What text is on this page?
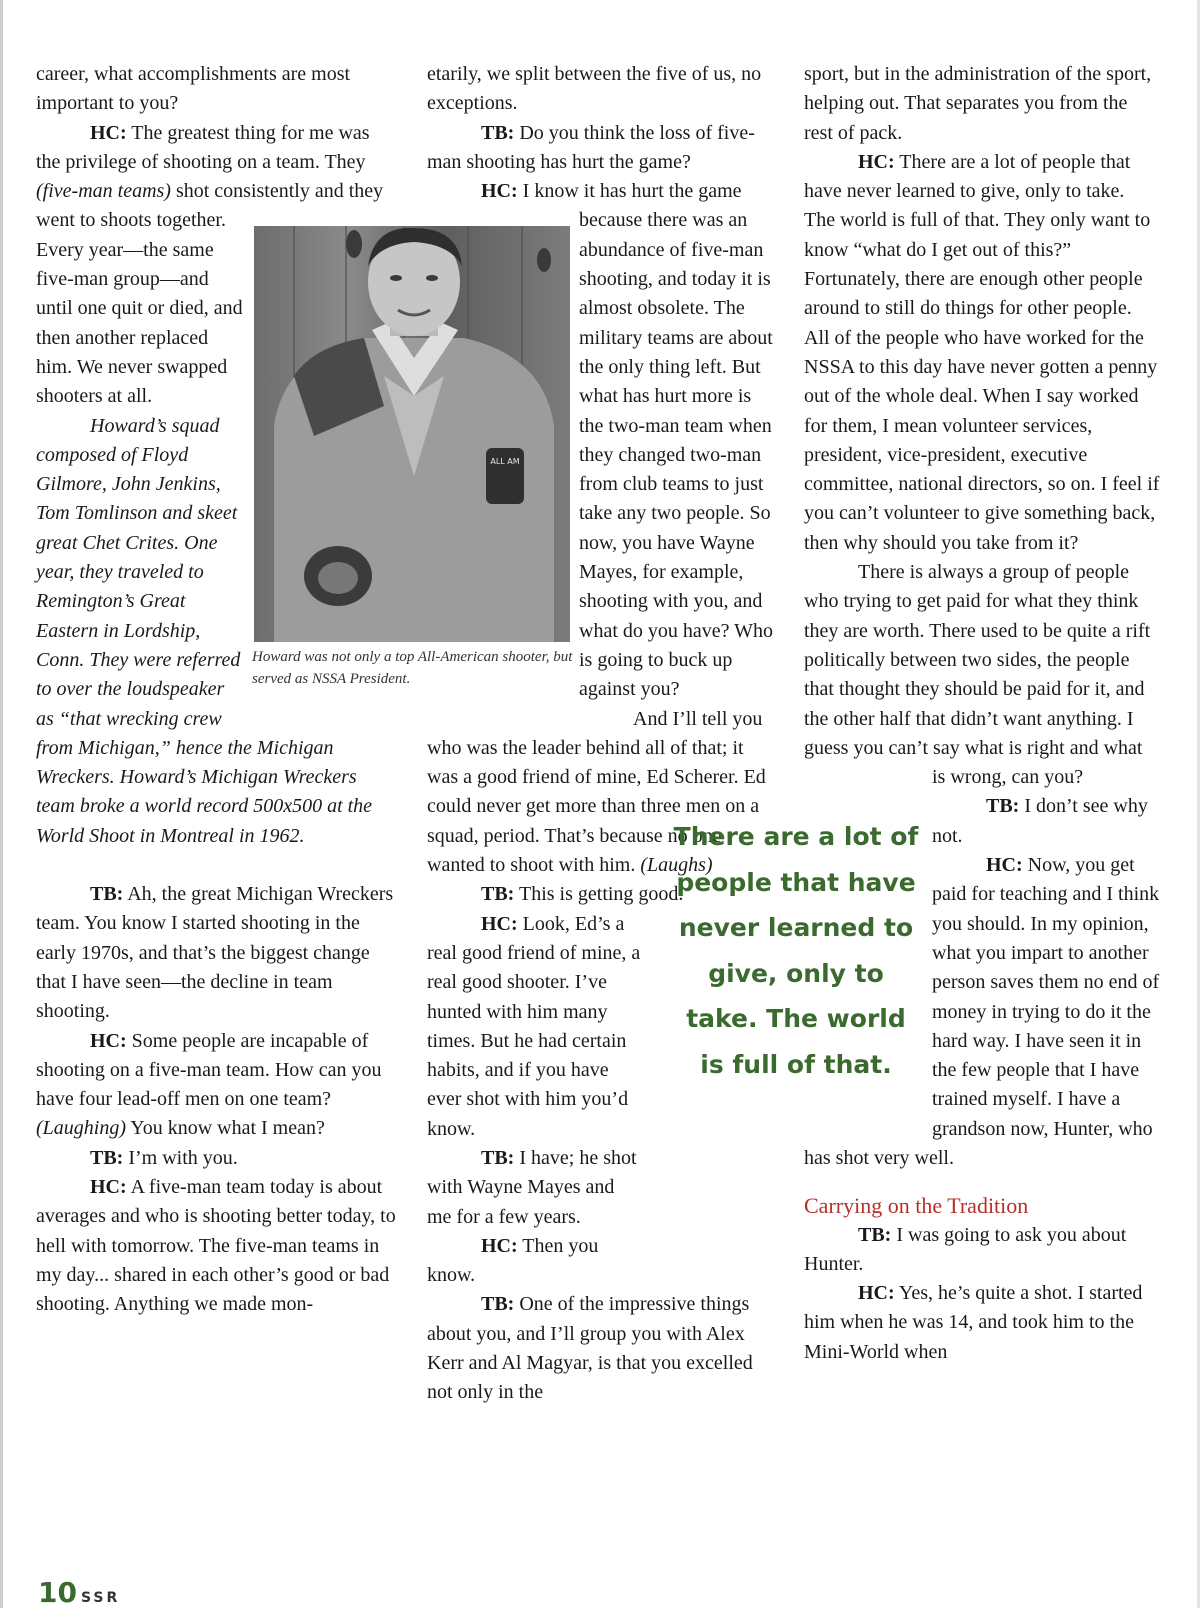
career, what accomplishments are most important to you?

HC: The greatest thing for me was the privilege of shooting on a team. They (five-man teams) shot consistently and they went to shoots together. Every year—the same five-man group—and until one quit or died, and then another replaced him. We never swapped shooters at all.

Howard’s squad composed of Floyd Gilmore, John Jenkins, Tom Tomlinson and skeet great Chet Crites. One year, they traveled to Remington’s Great Eastern in Lordship, Conn. They were referred to over the loudspeaker as “that wrecking crew from Michigan,” hence the Michigan Wreckers. Howard’s Michigan Wreckers team broke a world record 500x500 at the World Shoot in Montreal in 1962.

TB: Ah, the great Michigan Wreckers team. You know I started shooting in the early 1970s, and that’s the biggest change that I have seen—the decline in team shooting.

HC: Some people are incapable of shooting on a five-man team. How can you have four lead-off men on one team? (Laughing) You know what I mean?

TB: I’m with you.

HC: A five-man team today is about averages and who is shooting better today, to hell with tomorrow. The five-man teams in my day... shared in each other’s good or bad shooting. Anything we made mon-

ALL AM
Howard was not only a top All-American shooter, but served as NSSA President.

etarily, we split between the five of us, no exceptions.

TB: Do you think the loss of five-man shooting has hurt the game?

HC: I know it has hurt the game because there was an abundance of five-man shooting, and today it is almost obsolete. The military teams are about the only thing left. But what has hurt more is the two-man team when they changed two-man from club teams to just take any two people. So now, you have Wayne Mayes, for example, shooting with you, and what do you have? Who is going to buck up against you?

And I’ll tell you who was the leader behind all of that; it was a good friend of mine, Ed Scherer. Ed could never get more than three men on a squad, period. That’s because no one wanted to shoot with him. (Laughs)

TB: This is getting good.

HC: Look, Ed’s a real good friend of mine, a real good shooter. I’ve hunted with him many times. But he had certain habits, and if you have ever shot with him you’d know.

TB: I have; he shot with Wayne Mayes and me for a few years.

HC: Then you know.

TB: One of the impressive things about you, and I’ll group you with Alex Kerr and Al Magyar, is that you excelled not only in the

sport, but in the administration of the sport, helping out. That separates you from the rest of pack.

HC: There are a lot of people that have never learned to give, only to take. The world is full of that. They only want to know “what do I get out of this?” Fortunately, there are enough other people around to still do things for other people. All of the people who have worked for the NSSA to this day have never gotten a penny out of the whole deal. When I say worked for them, I mean volunteer services, president, vice-president, executive committee, national directors, so on. I feel if you can’t volunteer to give something back, then why should you take from it?

There is always a group of people who trying to get paid for what they think they are worth. There used to be quite a rift politically between two sides, the people that thought they should be paid for it, and the other half that didn’t want anything. I guess you can’t say what is right and what is wrong, can you?

TB: I don’t see why not.

HC: Now, you get paid for teaching and I think you should. In my opinion, what you impart to another person saves them no end of money in trying to do it the hard way. I have seen it in the few people that I have trained myself. I have a grandson now, Hunter, who has shot very well.

Carrying on the Tradition

TB: I was going to ask you about Hunter.

HC: Yes, he’s quite a shot. I started him when he was 14, and took him to the Mini-World when

There are a lot of people that have never learned to give, only to take. The world is full of that.
10 SSR
